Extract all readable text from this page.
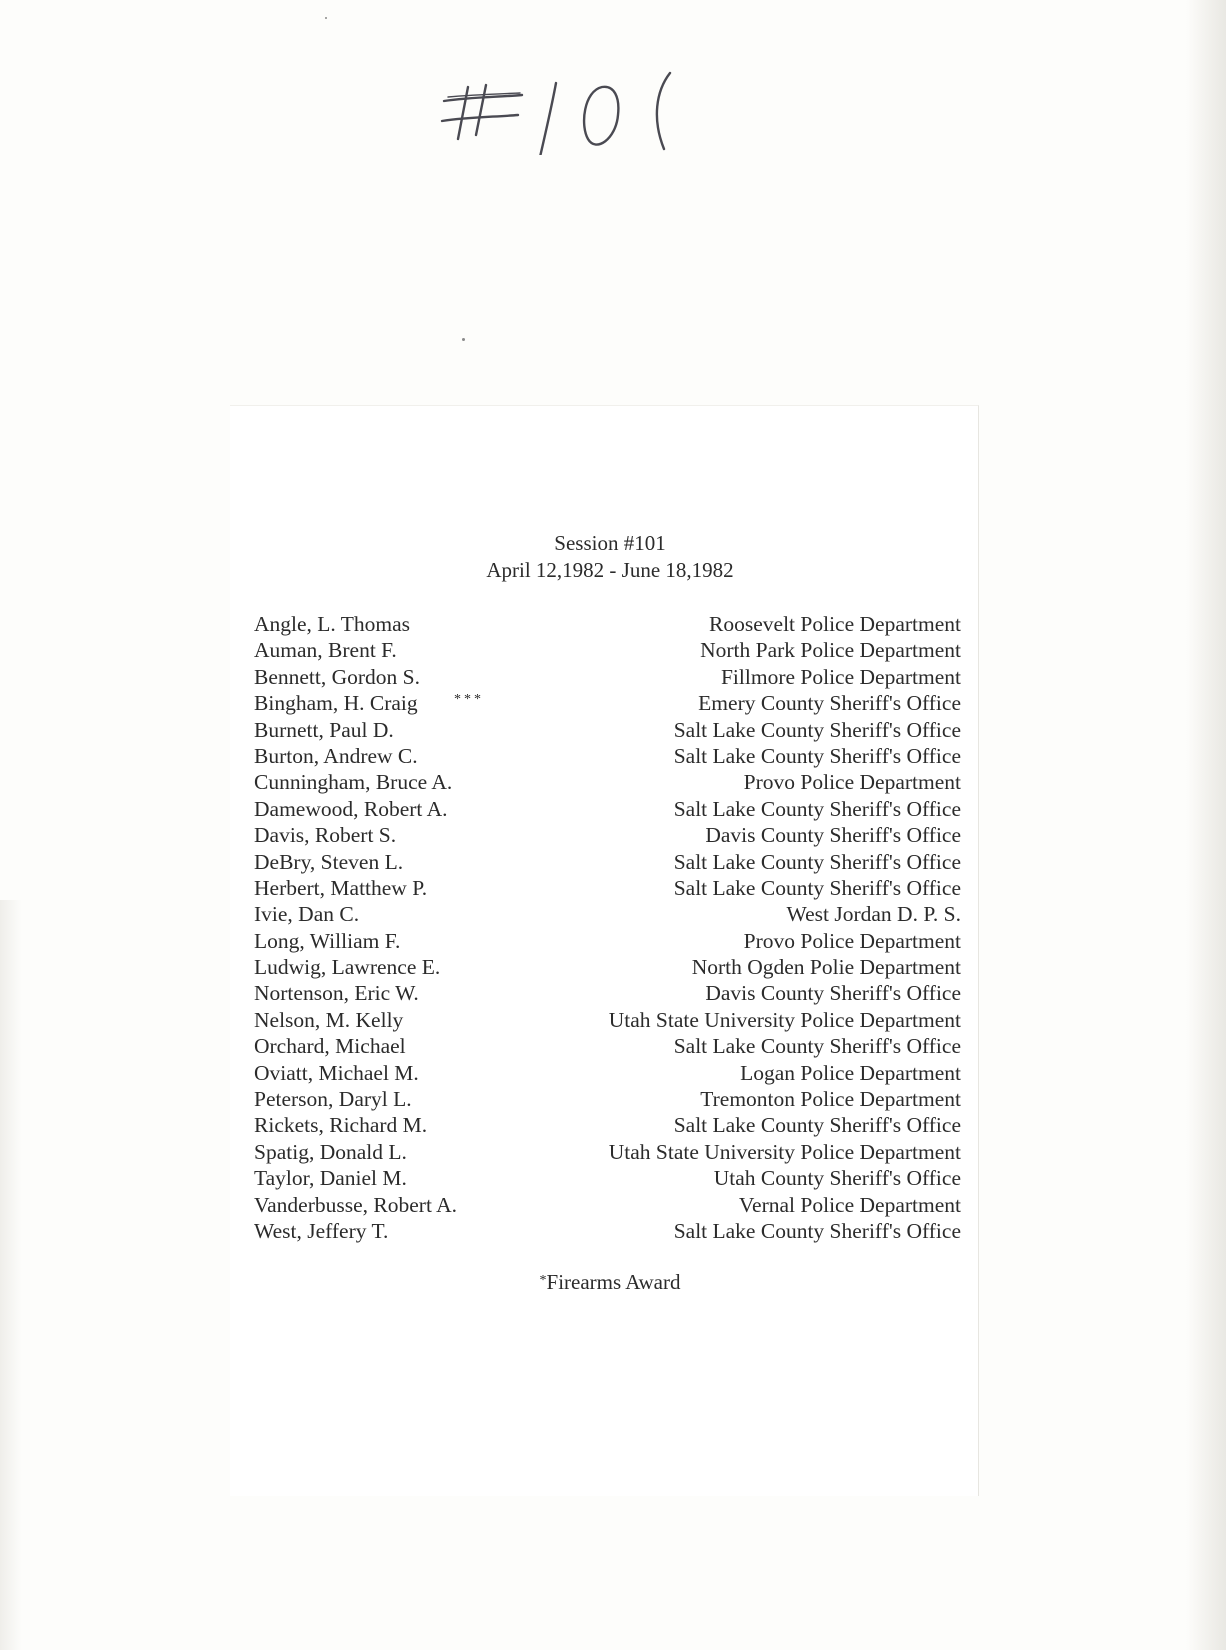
Session #101
April 12,1982 - June 18,1982
Angle, L. Thomas	Roosevelt Police Department
Auman, Brent F.	North Park Police Department
Bennett, Gordon S.	Fillmore Police Department
Bingham, H. Craig	***	Emery County Sheriff's Office
Burnett, Paul D.	Salt Lake County Sheriff's Office
Burton, Andrew C.	Salt Lake County Sheriff's Office
Cunningham, Bruce A.	Provo Police Department
Damewood, Robert A.	Salt Lake County Sheriff's Office
Davis, Robert S.	Davis County Sheriff's Office
DeBry, Steven L.	Salt Lake County Sheriff's Office
Herbert, Matthew P.	Salt Lake County Sheriff's Office
Ivie, Dan C.	West Jordan D. P. S.
Long, William F.	Provo Police Department
Ludwig, Lawrence E.	North Ogden Polie Department
Nortenson, Eric W.	Davis County Sheriff's Office
Nelson, M. Kelly	Utah State University Police Department
Orchard, Michael	Salt Lake County Sheriff's Office
Oviatt, Michael M.	Logan Police Department
Peterson, Daryl L.	Tremonton Police Department
Rickets, Richard M.	Salt Lake County Sheriff's Office
Spatig, Donald L.	Utah State University Police Department
Taylor, Daniel M.	Utah County Sheriff's Office
Vanderbusse, Robert A.	Vernal Police Department
West, Jeffery T.	Salt Lake County Sheriff's Office
*Firearms Award
